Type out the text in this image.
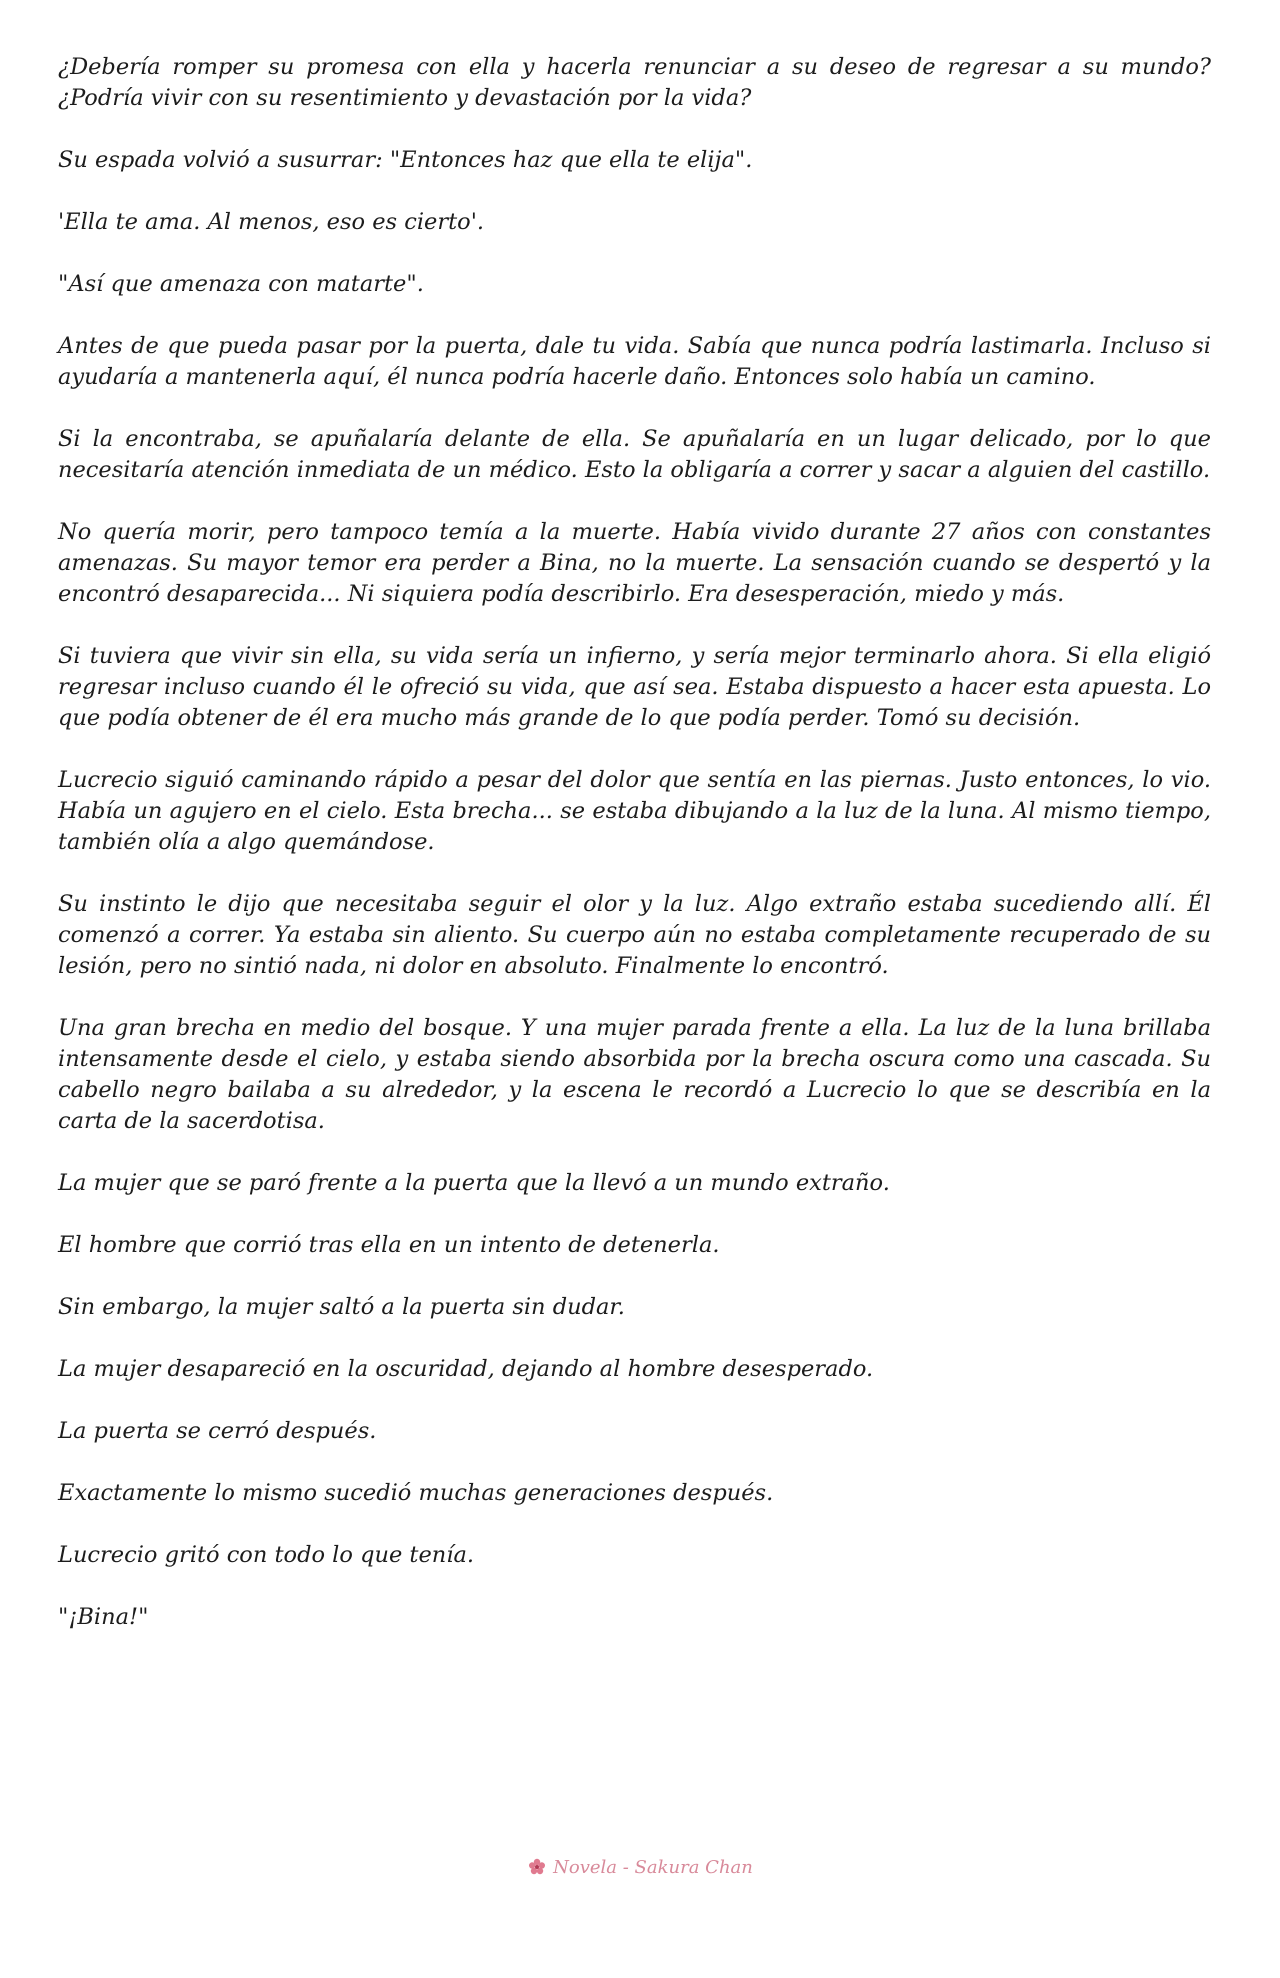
¿Debería romper su promesa con ella y hacerla renunciar a su deseo de regresar a su mundo? ¿Podría vivir con su resentimiento y devastación por la vida?

Su espada volvió a susurrar: "Entonces haz que ella te elija".

'Ella te ama. Al menos, eso es cierto'.

"Así que amenaza con matarte".

Antes de que pueda pasar por la puerta, dale tu vida. Sabía que nunca podría lastimarla. Incluso si ayudaría a mantenerla aquí, él nunca podría hacerle daño. Entonces solo había un camino.

Si la encontraba, se apuñalaría delante de ella. Se apuñalaría en un lugar delicado, por lo que necesitaría atención inmediata de un médico. Esto la obligaría a correr y sacar a alguien del castillo.

No quería morir, pero tampoco temía a la muerte. Había vivido durante 27 años con constantes amenazas. Su mayor temor era perder a Bina, no la muerte. La sensación cuando se despertó y la encontró desaparecida... Ni siquiera podía describirlo. Era desesperación, miedo y más.

Si tuviera que vivir sin ella, su vida sería un infierno, y sería mejor terminarlo ahora. Si ella eligió regresar incluso cuando él le ofreció su vida, que así sea. Estaba dispuesto a hacer esta apuesta. Lo que podía obtener de él era mucho más grande de lo que podía perder. Tomó su decisión.

Lucrecio siguió caminando rápido a pesar del dolor que sentía en las piernas. Justo entonces, lo vio. Había un agujero en el cielo. Esta brecha... se estaba dibujando a la luz de la luna. Al mismo tiempo, también olía a algo quemándose.

Su instinto le dijo que necesitaba seguir el olor y la luz. Algo extraño estaba sucediendo allí. Él comenzó a correr. Ya estaba sin aliento. Su cuerpo aún no estaba completamente recuperado de su lesión, pero no sintió nada, ni dolor en absoluto. Finalmente lo encontró.

Una gran brecha en medio del bosque. Y una mujer parada frente a ella. La luz de la luna brillaba intensamente desde el cielo, y estaba siendo absorbida por la brecha oscura como una cascada. Su cabello negro bailaba a su alrededor, y la escena le recordó a Lucrecio lo que se describía en la carta de la sacerdotisa.

La mujer que se paró frente a la puerta que la llevó a un mundo extraño.

El hombre que corrió tras ella en un intento de detenerla.

Sin embargo, la mujer saltó a la puerta sin dudar.

La mujer desapareció en la oscuridad, dejando al hombre desesperado.

La puerta se cerró después.

Exactamente lo mismo sucedió muchas generaciones después.

Lucrecio gritó con todo lo que tenía.

"¡Bina!"

Novela - Sakura Chan
